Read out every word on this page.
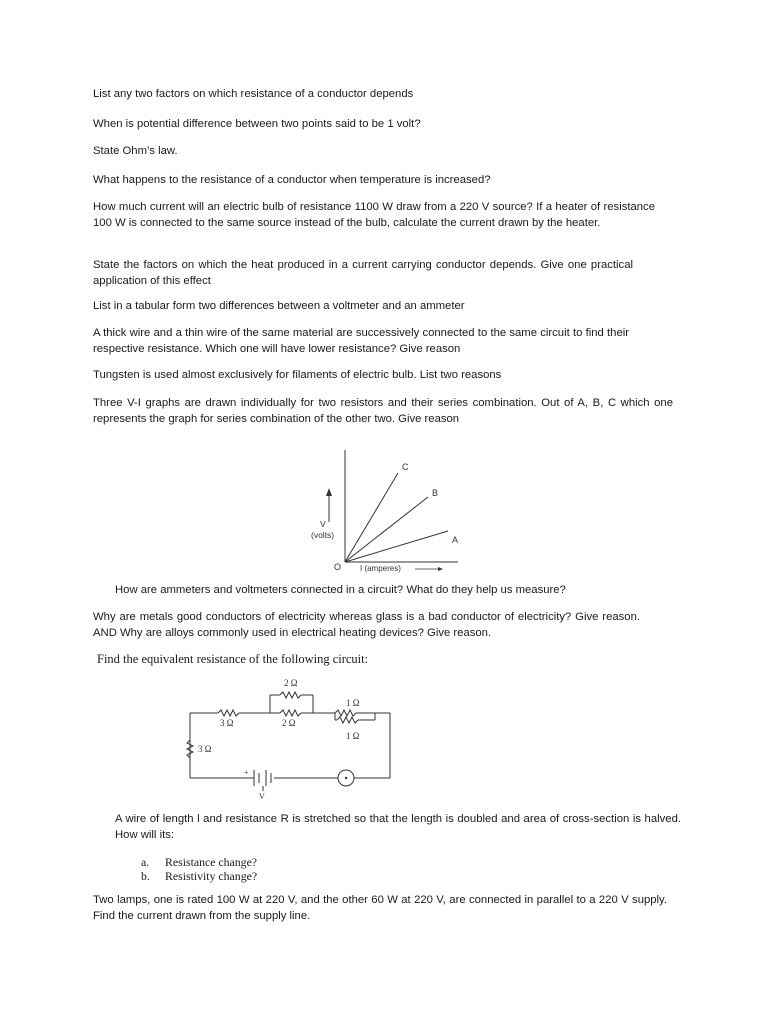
List any two factors on which resistance of a conductor depends

When is potential difference between two points said to be 1 volt?

State Ohm’s law.

What happens to the resistance of a conductor when temperature is increased?

How much current will an electric bulb of resistance 1100 W draw from a 220 V source? If a heater of resistance 100 W is connected to the same source instead of the bulb, calculate the current drawn by the heater.

State the factors on which the heat produced in a current carrying conductor depends. Give one practical application of this effect

List in a tabular form two differences between a voltmeter and an ammeter

A thick wire and a thin wire of the same material are successively connected to the same circuit to find their respective resistance. Which one will have lower resistance? Give reason

Tungsten is used almost exclusively for filaments of electric bulb. List two reasons

Three V-I graphs are drawn individually for two resistors and their series combination. Out of A, B, C which one represents the graph for series combination of the other two. Give reason

C
B
A
V
(volts)
O I (amperes)

How are ammeters and voltmeters connected in a circuit? What do they help us measure?

Why are metals good conductors of electricity whereas glass is a bad conductor of electricity? Give reason. AND Why are alloys commonly used in electrical heating devices? Give reason.

Find the equivalent resistance of the following circuit:

2 Ω
2 Ω
3 Ω
1 Ω
1 Ω
3 Ω
+
V

A wire of length l and resistance R is stretched so that the length is doubled and area of cross-section is halved. How will its:

a. Resistance change?
b. Resistivity change?

Two lamps, one is rated 100 W at 220 V, and the other 60 W at 220 V, are connected in parallel to a 220 V supply. Find the current drawn from the supply line.
